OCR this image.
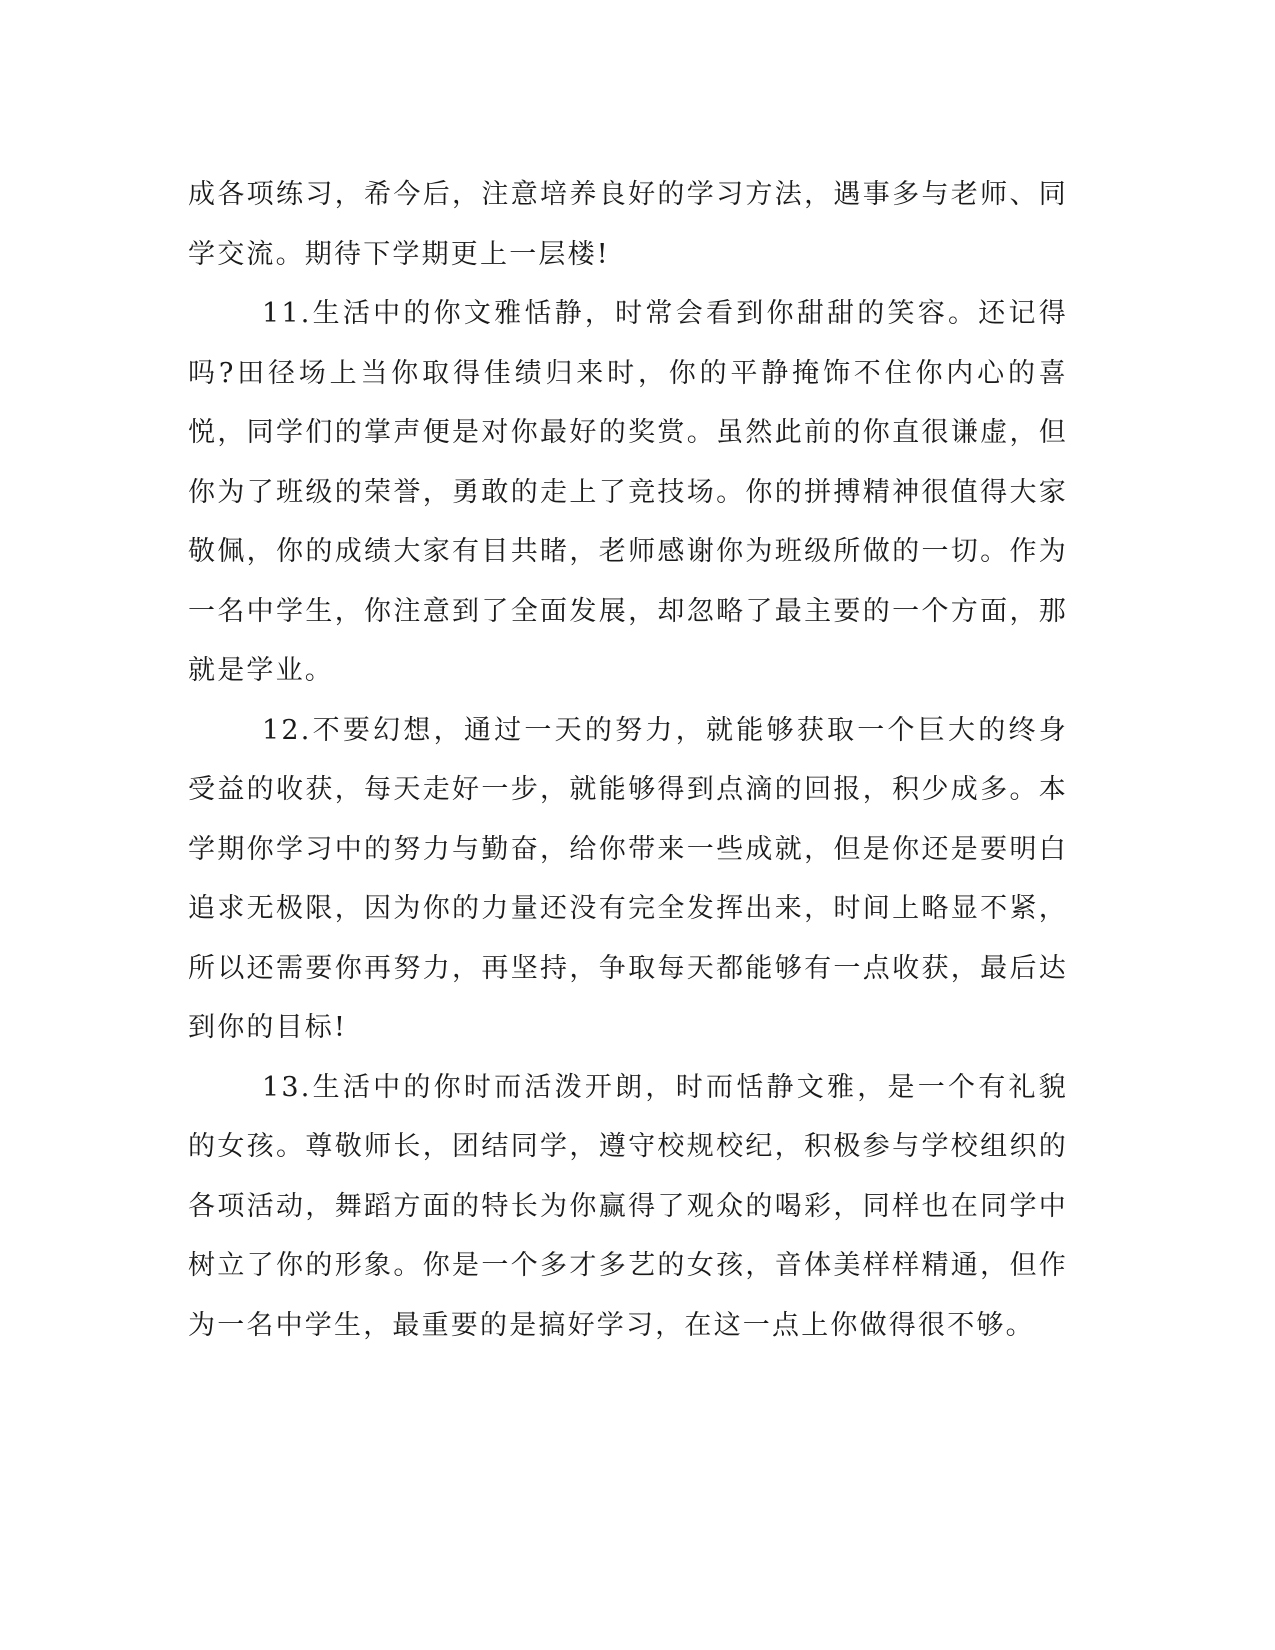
成各项练习，希今后，注意培养良好的学习方法，遇事多与老师、同学交流。期待下学期更上一层楼!

11.生活中的你文雅恬静，时常会看到你甜甜的笑容。还记得吗?田径场上当你取得佳绩归来时，你的平静掩饰不住你内心的喜悦，同学们的掌声便是对你最好的奖赏。虽然此前的你直很谦虚，但你为了班级的荣誉，勇敢的走上了竞技场。你的拼搏精神很值得大家敬佩，你的成绩大家有目共睹，老师感谢你为班级所做的一切。作为一名中学生，你注意到了全面发展，却忽略了最主要的一个方面，那就是学业。

12.不要幻想，通过一天的努力，就能够获取一个巨大的终身受益的收获，每天走好一步，就能够得到点滴的回报，积少成多。本学期你学习中的努力与勤奋，给你带来一些成就，但是你还是要明白追求无极限，因为你的力量还没有完全发挥出来，时间上略显不紧，所以还需要你再努力，再坚持，争取每天都能够有一点收获，最后达到你的目标!

13.生活中的你时而活泼开朗，时而恬静文雅，是一个有礼貌的女孩。尊敬师长，团结同学，遵守校规校纪，积极参与学校组织的各项活动，舞蹈方面的特长为你赢得了观众的喝彩，同样也在同学中树立了你的形象。你是一个多才多艺的女孩，音体美样样精通，但作为一名中学生，最重要的是搞好学习，在这一点上你做得很不够。
